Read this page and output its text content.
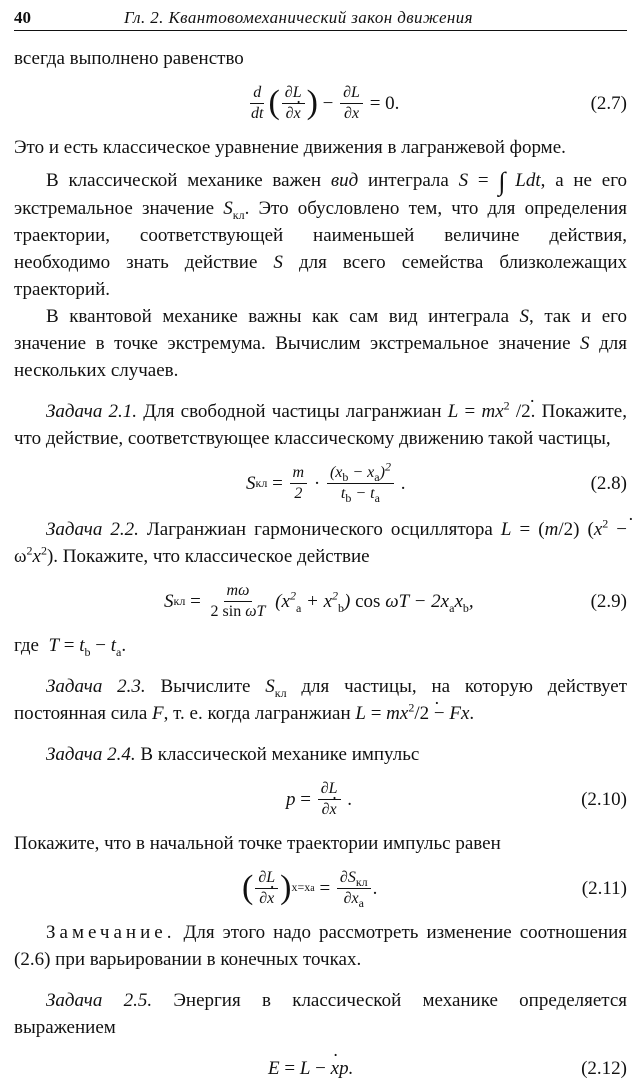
40	Гл. 2. Квантовомеханический закон движения

всегда выполнено равенство

$\frac{d}{dt}$ ( $\frac{\partial L}{\partial x}$ · ) − $\frac{\partial L}{\partial x} = 0$.	(2.7)

Это и есть классическое уравнение движения в лагранжевой форме.

В классической механике важен вид интеграла S = ∫ Ldt, а не его экстремальное значение $S_{кл}$. Это обусловлено тем, что для определения траектории, соответствующей наименьшей величине действия, необходимо знать действие S для всего семейства близколежащих траекторий.

В квантовой механике важны как сам вид интеграла S, так и его значение в точке экстремума. Вычислим экстремальное значение S для нескольких случаев.

Задача 2.1. Для свободной частицы лагранжиан L = mx ·$^2$ /2. Покажите, что действие, соответствующее классическому движению такой частицы,

S кл = $\frac{m}{2} \cdot \frac{(x_b - x_a)^2}{t_b - t_a}$ .	(2.8)

Задача 2.2. Лагранжиан гармонического осциллятора L = (m/2) $(x \cdot^2 - \omega^2x^2)$. Покажите, что классическое действие

S кл = $\frac{m\omega}{\text{2 sin ωT}} (x^2_a + x^2_b)$ $\cos \omega T - 2x_ax_b$,	(2.9)

где $T = t_b - t_a$.

Задача 2.3. Вычислите $S_{кл}$ для частицы, на которую действует постоянная сила F, т. е. когда лагранжиан L = mx ·$^2$/2 − Fx.

Задача 2.4. В классической механике импульс

$p = \frac{\partial L}{\partial x}$ · .	(2.10)

Покажите, что в начальной точке траектории импульс равен

( $\frac{\partial L}{\partial x}$ · ) $x=xa = \frac{\partial S_{кл}}{\partial x_a}$ .	(2.11)

Замечание. Для этого надо рассмотреть изменение соотношения (2.6) при варьировании в конечных точках.

Задача 2.5. Энергия в классической механике определяется выражением

E = L − x · p.	(2.12)
